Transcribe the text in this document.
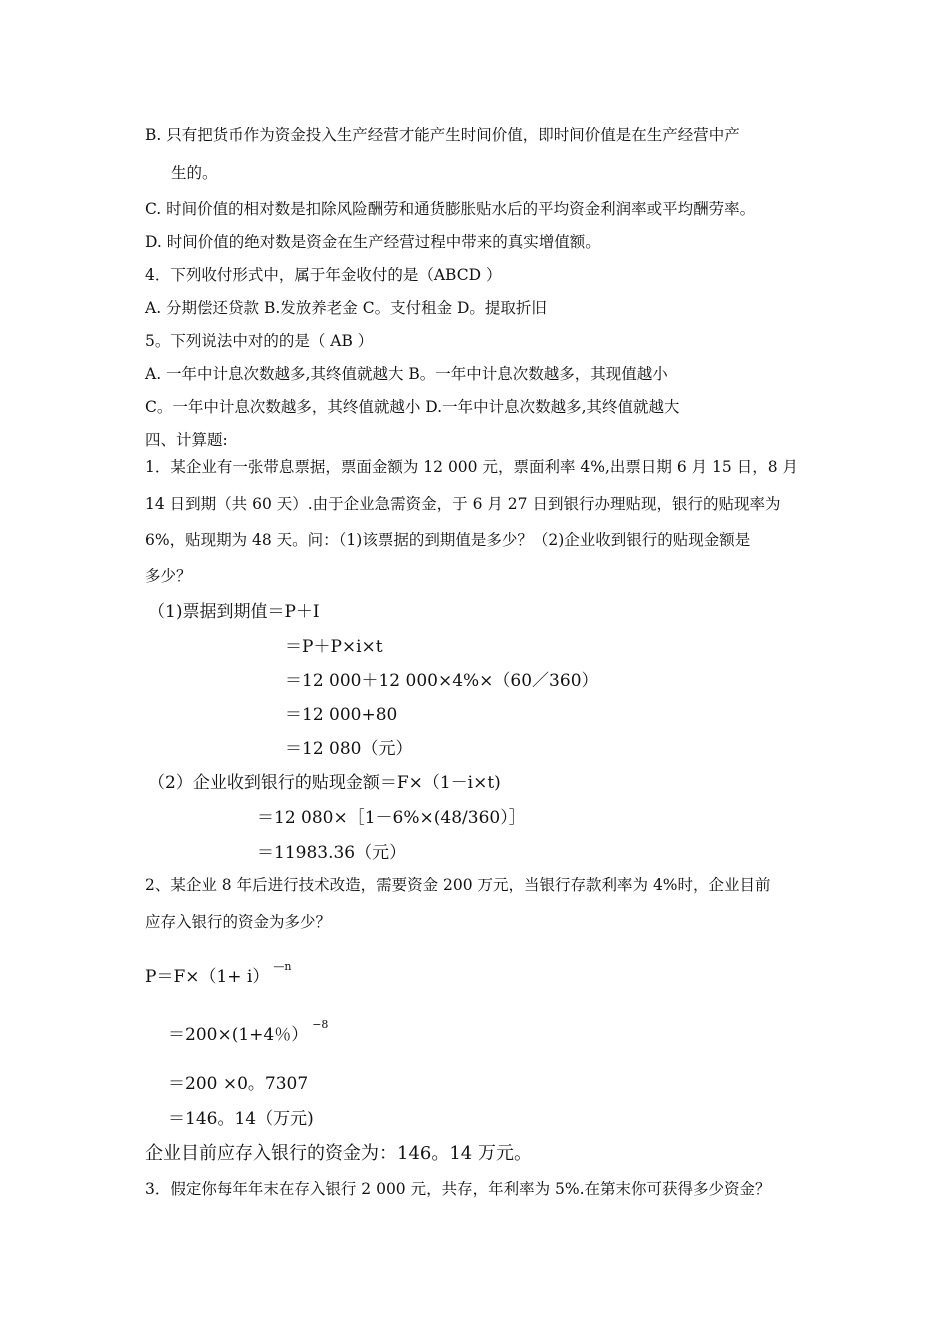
B. 只有把货币作为资金投入生产经营才能产生时间价值，即时间价值是在生产经营中产
生的。
C. 时间价值的相对数是扣除风险酬劳和通货膨胀贴水后的平均资金利润率或平均酬劳率。
D. 时间价值的绝对数是资金在生产经营过程中带来的真实增值额。
4．下列收付形式中，属于年金收付的是（ABCD ）
A. 分期偿还贷款 B.发放养老金 C。支付租金 D。提取折旧
5。下列说法中对的的是（ AB ）
A. 一年中计息次数越多,其终值就越大 B。一年中计息次数越多，其现值越小
C。一年中计息次数越多，其终值就越小 D.一年中计息次数越多,其终值就越大
四、计算题:
1．某企业有一张带息票据，票面金额为 12 000 元，票面利率 4%,出票日期 6 月 15 日，8 月
14 日到期（共 60 天）.由于企业急需资金，于 6 月 27 日到银行办理贴现，银行的贴现率为
6%，贴现期为 48 天。问：（1)该票据的到期值是多少？（2)企业收到银行的贴现金额是
多少？
（1)票据到期值＝P＋I
＝P＋P×i×t
＝12 000＋12 000×4%×（60／360）
＝12 000+80
＝12 080（元）
（2）企业收到银行的贴现金额＝F×（1－i×t)
＝12 080×［1－6%×(48/360）］
＝11983.36（元）
2、某企业 8 年后进行技术改造，需要资金 200 万元，当银行存款利率为 4%时，企业目前
应存入银行的资金为多少？
$P=F\times(1+ i)^{—n}$
＝200×(1+4％）$^{-8}$
＝200 ×0。7307
＝146。14（万元)
企业目前应存入银行的资金为：146。14 万元。
3．假定你每年年末在存入银行 2 000 元，共存，年利率为 5%.在第末你可获得多少资金？
